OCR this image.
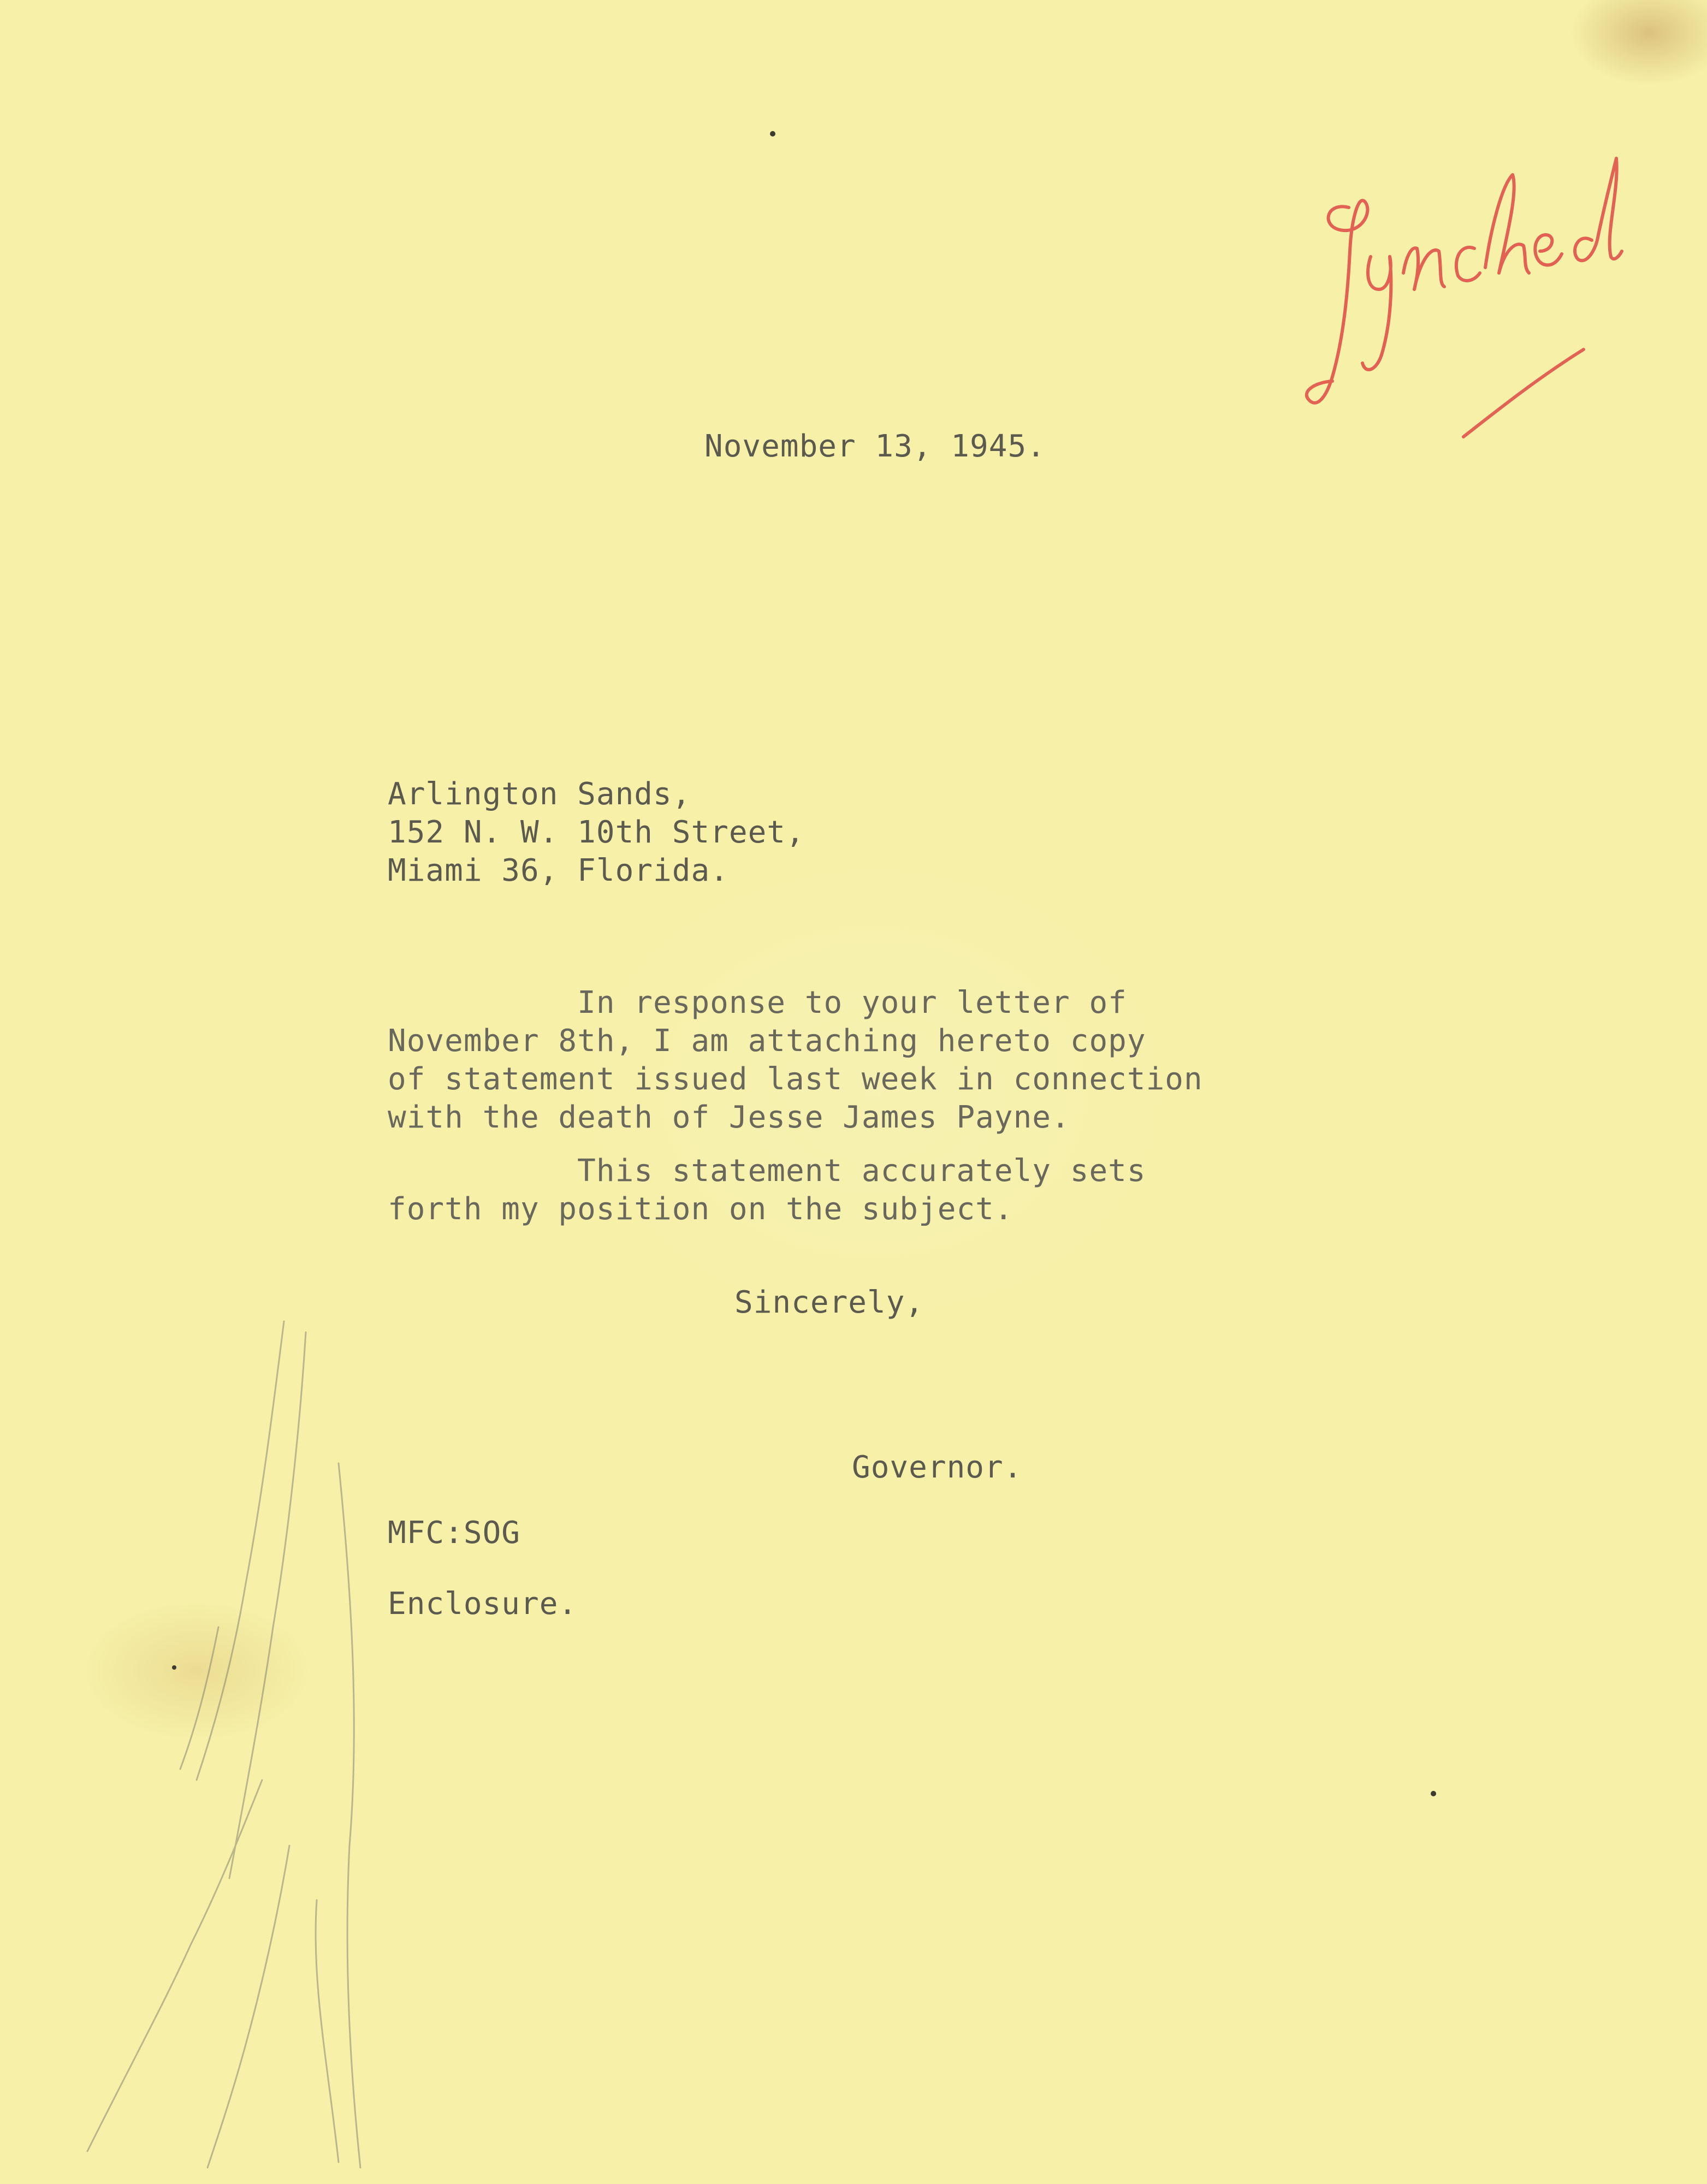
November 13, 1945.
Arlington Sands,
152 N. W. 10th Street,
Miami 36, Florida.
In response to your letter of
November 8th, I am attaching hereto copy
of statement issued last week in connection
with the death of Jesse James Payne.
This statement accurately sets
forth my position on the subject.
Sincerely,
Governor.
MFC:SOG
Enclosure.
